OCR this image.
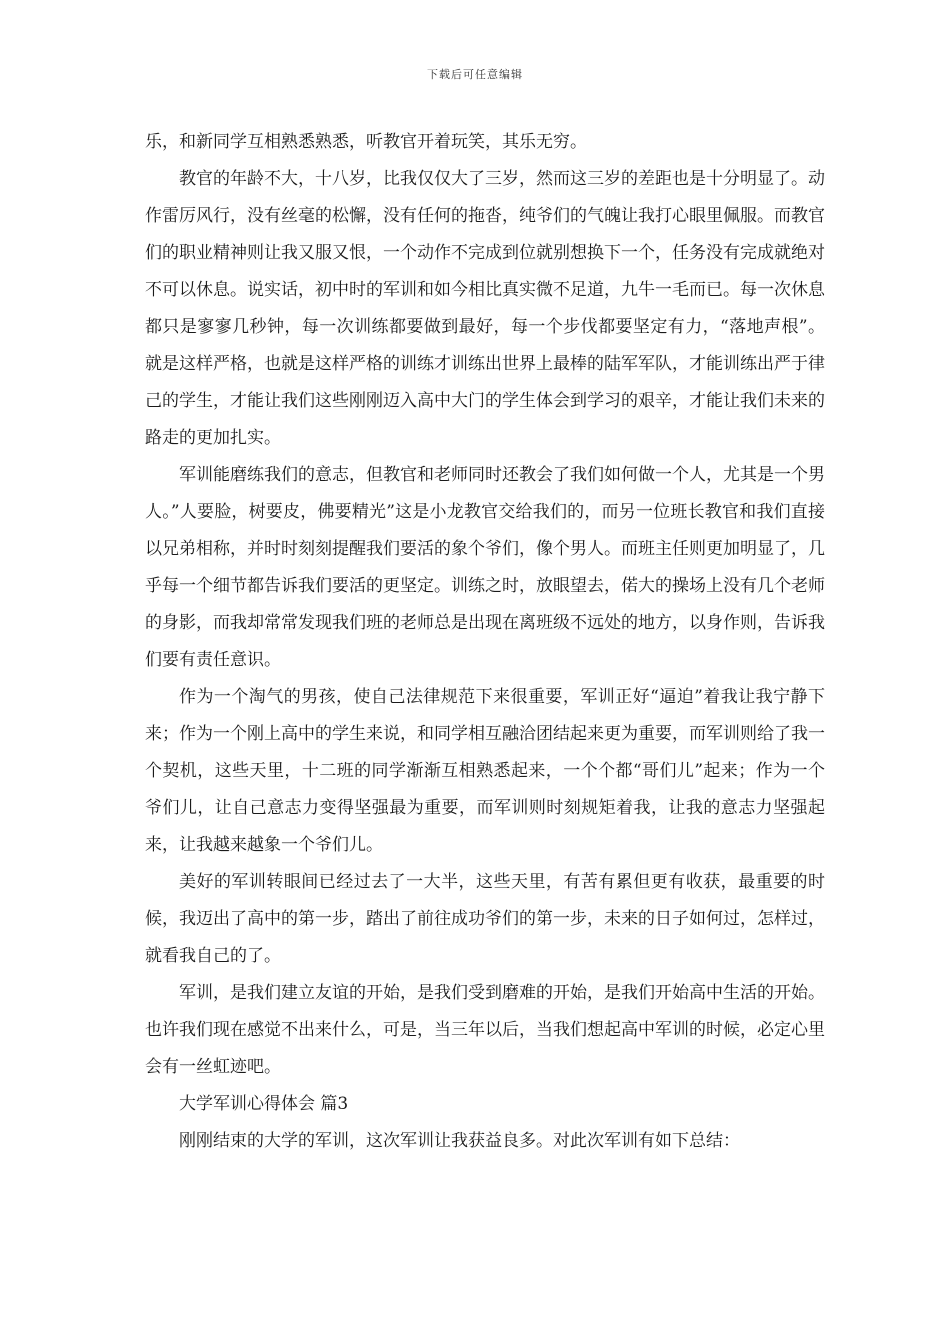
下载后可任意编辑

乐，和新同学互相熟悉熟悉，听教官开着玩笑，其乐无穷。

教官的年龄不大，十八岁，比我仅仅大了三岁，然而这三岁的差距也是十分明显了。动作雷厉风行，没有丝毫的松懈，没有任何的拖沓，纯爷们的气魄让我打心眼里佩服。而教官们的职业精神则让我又服又恨，一个动作不完成到位就别想换下一个，任务没有完成就绝对不可以休息。说实话，初中时的军训和如今相比真实微不足道，九牛一毛而已。每一次休息都只是寥寥几秒钟，每一次训练都要做到最好，每一个步伐都要坚定有力，“落地声根”。就是这样严格，也就是这样严格的训练才训练出世界上最棒的陆军军队，才能训练出严于律己的学生，才能让我们这些刚刚迈入高中大门的学生体会到学习的艰辛，才能让我们未来的路走的更加扎实。

军训能磨练我们的意志，但教官和老师同时还教会了我们如何做一个人，尤其是一个男人。”人要脸，树要皮，佛要精光”这是小龙教官交给我们的，而另一位班长教官和我们直接以兄弟相称，并时时刻刻提醒我们要活的象个爷们，像个男人。而班主任则更加明显了，几乎每一个细节都告诉我们要活的更坚定。训练之时，放眼望去，偌大的操场上没有几个老师的身影，而我却常常发现我们班的老师总是出现在离班级不远处的地方，以身作则，告诉我们要有责任意识。

作为一个淘气的男孩，使自己法律规范下来很重要，军训正好“逼迫”着我让我宁静下来；作为一个刚上高中的学生来说，和同学相互融洽团结起来更为重要，而军训则给了我一个契机，这些天里，十二班的同学渐渐互相熟悉起来，一个个都“哥们儿”起来；作为一个爷们儿，让自己意志力变得坚强最为重要，而军训则时刻规矩着我，让我的意志力坚强起来，让我越来越象一个爷们儿。

美好的军训转眼间已经过去了一大半，这些天里，有苦有累但更有收获，最重要的时候，我迈出了高中的第一步，踏出了前往成功爷们的第一步，未来的日子如何过，怎样过，就看我自己的了。

军训，是我们建立友谊的开始，是我们受到磨难的开始，是我们开始高中生活的开始。也许我们现在感觉不出来什么，可是，当三年以后，当我们想起高中军训的时候，必定心里会有一丝虹迹吧。

大学军训心得体会 篇3

刚刚结束的大学的军训，这次军训让我获益良多。对此次军训有如下总结：
